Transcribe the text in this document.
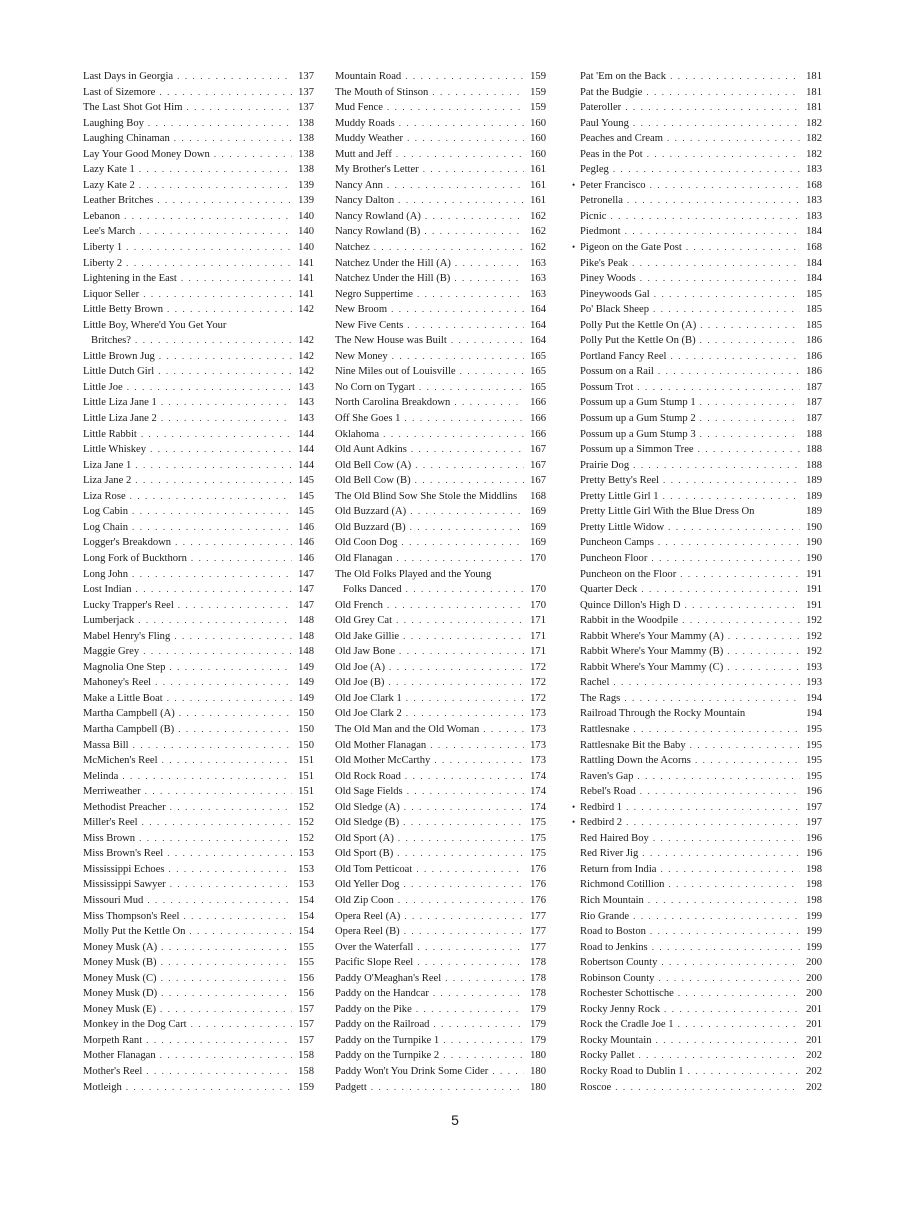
Last Days in Georgia . . .	137
Last of Sizemore . . .	137
The Last Shot Got Him . . .	137
Laughing Boy . . .	138
Laughing Chinaman . . .	138
Lay Your Good Money Down . . .	138
Lazy Kate 1 . . .	138
Lazy Kate 2 . . .	139
Leather Britches . . .	139
Lebanon . . .	140
Lee's March . . .	140
Liberty 1 . . .	140
Liberty 2 . . .	141
Lightening in the East . . .	141
Liquor Seller . . .	141
Little Betty Brown . . .	142
Little Boy, Where'd You Get Your
Britches? . . .	142
Little Brown Jug . . .	142
Little Dutch Girl . . .	142
Little Joe . . .	143
Little Liza Jane 1 . . .	143
Little Liza Jane 2 . . .	143
Little Rabbit . . .	144
Little Whiskey . . .	144
Liza Jane 1 . . .	144
Liza Jane 2 . . .	145
Liza Rose . . .	145
Log Cabin . . .	145
Log Chain . . .	146
Logger's Breakdown . . .	146
Long Fork of Buckthorn . . .	146
Long John . . .	147
Lost Indian . . .	147
Lucky Trapper's Reel . . .	147
Lumberjack . . .	148
Mabel Henry's Fling . . .	148
Maggie Grey . . .	148
Magnolia One Step . . .	149
Mahoney's Reel . . .	149
Make a Little Boat . . .	149
Martha Campbell (A) . . .	150
Martha Campbell (B) . . .	150
Massa Bill . . .	150
McMichen's Reel . . .	151
Melinda . . .	151
Merriweather . . .	151
Methodist Preacher . . .	152
Miller's Reel . . .	152
Miss Brown . . .	152
Miss Brown's Reel . . .	153
Mississippi Echoes . . .	153
Mississippi Sawyer . . .	153
Missouri Mud . . .	154
Miss Thompson's Reel . . .	154
Molly Put the Kettle On . . .	154
Money Musk (A) . . .	155
Money Musk (B) . . .	155
Money Musk (C) . . .	156
Money Musk (D) . . .	156
Money Musk (E) . . .	157
Monkey in the Dog Cart . . .	157
Morpeth Rant . . .	157
Mother Flanagan . . .	158
Mother's Reel . . .	158
Motleigh . . .	159
Mountain Road . . .	159
The Mouth of Stinson . . .	159
Mud Fence . . .	159
Muddy Roads . . .	160
Muddy Weather . . .	160
Mutt and Jeff . . .	160
My Brother's Letter . . .	161
Nancy Ann . . .	161
Nancy Dalton . . .	161
Nancy Rowland (A) . . .	162
Nancy Rowland (B) . . .	162
Natchez . . .	162
Natchez Under the Hill (A) . . .	163
Natchez Under the Hill (B) . . .	163
Negro Suppertime . . .	163
New Broom . . .	164
New Five Cents . . .	164
The New House was Built . . .	164
New Money . . .	165
Nine Miles out of Louisville . . .	165
No Corn on Tygart . . .	165
North Carolina Breakdown . . .	166
Off She Goes 1 . . .	166
Oklahoma . . .	166
Old Aunt Adkins . . .	167
Old Bell Cow (A) . . .	167
Old Bell Cow (B) . . .	167
The Old Blind Sow She Stole the Middlins 168
Old Buzzard (A) . . .	169
Old Buzzard (B) . . .	169
Old Coon Dog . . .	169
Old Flanagan . . .	170
The Old Folks Played and the Young
Folks Danced . . .	170
Old French . . .	170
Old Grey Cat . . .	171
Old Jake Gillie . . .	171
Old Jaw Bone . . .	171
Old Joe (A) . . .	172
Old Joe (B) . . .	172
Old Joe Clark 1 . . .	172
Old Joe Clark 2 . . .	173
The Old Man and the Old Woman . . .	173
Old Mother Flanagan . . .	173
Old Mother McCarthy . . .	173
Old Rock Road . . .	174
Old Sage Fields . . .	174
Old Sledge (A) . . .	174
Old Sledge (B) . . .	175
Old Sport (A) . . .	175
Old Sport (B) . . .	175
Old Tom Petticoat . . .	176
Old Yeller Dog . . .	176
Old Zip Coon . . .	176
Opera Reel (A) . . .	177
Opera Reel (B) . . .	177
Over the Waterfall . . .	177
Pacific Slope Reel . . .	178
Paddy O'Meaghan's Reel . . .	178
Paddy on the Handcar . . .	178
Paddy on the Pike . . .	179
Paddy on the Railroad . . .	179
Paddy on the Turnpike 1 . . .	179
Paddy on the Turnpike 2 . . .	180
Paddy Won't You Drink Some Cider . . .	180
Padgett . . .	180
Pat 'Em on the Back . . .	181
Pat the Budgie . . .	181
Pateroller . . .	181
Paul Young . . .	182
Peaches and Cream . . .	182
Peas in the Pot . . .	182
Pegleg . . .	183
• Peter Francisco . . .	168
Petronella . . .	183
Picnic . . .	183
Piedmont . . .	184
• Pigeon on the Gate Post . . .	168
Pike's Peak . . .	184
Piney Woods . . .	184
Pineywoods Gal . . .	185
Po' Black Sheep . . .	185
Polly Put the Kettle On (A) . . .	185
Polly Put the Kettle On (B) . . .	186
Portland Fancy Reel . . .	186
Possum on a Rail . . .	186
Possum Trot . . .	187
Possum up a Gum Stump 1 . . .	187
Possum up a Gum Stump 2 . . .	187
Possum up a Gum Stump 3 . . .	188
Possum up a Simmon Tree . . .	188
Prairie Dog . . .	188
Pretty Betty's Reel . . .	189
Pretty Little Girl 1 . . .	189
Pretty Little Girl With the Blue Dress On	189
Pretty Little Widow . . .	190
Puncheon Camps . . .	190
Puncheon Floor . . .	190
Puncheon on the Floor . . .	191
Quarter Deck . . .	191
Quince Dillon's High D . . .	191
Rabbit in the Woodpile . . .	192
Rabbit Where's Your Mammy (A) . . .	192
Rabbit Where's Your Mammy (B) . . .	192
Rabbit Where's Your Mammy (C) . . .	193
Rachel . . .	193
The Rags . . .	194
Railroad Through the Rocky Mountain	194
Rattlesnake . . .	195
Rattlesnake Bit the Baby . . .	195
Rattling Down the Acorns . . .	195
Raven's Gap . . .	195
Rebel's Road . . .	196
• Redbird 1 . . .	197
• Redbird 2 . . .	197
Red Haired Boy . . .	196
Red River Jig . . .	196
Return from India . . .	198
Richmond Cotillion . . .	198
Rich Mountain . . .	198
Rio Grande . . .	199
Road to Boston . . .	199
Road to Jenkins . . .	199
Robertson County . . .	200
Robinson County . . .	200
Rochester Schottische . . .	200
Rocky Jenny Rock . . .	201
Rock the Cradle Joe 1 . . .	201
Rocky Mountain . . .	201
Rocky Pallet . . .	202
Rocky Road to Dublin 1 . . .	202
Roscoe . . .	202
5
